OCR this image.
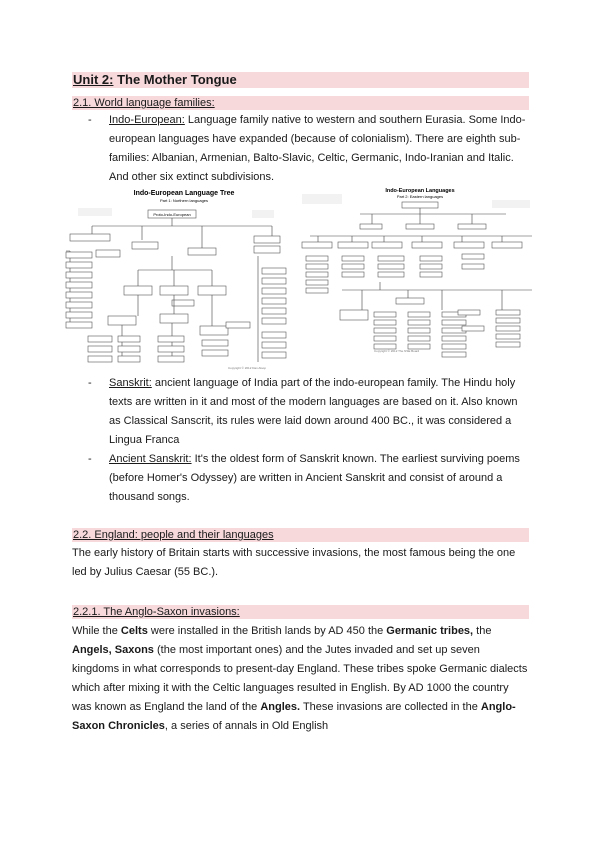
Unit 2: The Mother Tongue
2.1. World language families:
- Indo-European: Language family native to western and southern Eurasia. Some Indo-european languages have expanded (because of colonialism). There are eighth sub-families: Albanian, Armenian, Balto-Slavic, Celtic, Germanic, Indo-Iranian and Italic. And other six extinct subdivisions.

Indo-European Language Tree
Part 1: Northern languages
Proto-Indo-European
Copyright © 2012 Dan Alsop
Indo-European Languages
Part 2: Eastern languages
Copyright © 2012 The NSE Board
- Sanskrit: ancient language of India part of the indo-european family. The Hindu holy texts are written in it and most of the modern languages are based on it. Also known as Classical Sanscrit, its rules were laid down around 400 BC., it was considered a Lingua Franca

- Ancient Sanskrit: It's the oldest form of Sanskrit known. The earliest surviving poems (before Homer's Odyssey) are written in Ancient Sanskrit and consist of around a thousand songs.

2.2. England: people and their languages

The early history of Britain starts with successive invasions, the most famous being the one led by Julius Caesar (55 BC.).

2.2.1. The Anglo-Saxon invasions:

While the Celts were installed in the British lands by AD 450 the Germanic tribes, the Angels, Saxons (the most important ones) and the Jutes invaded and set up seven kingdoms in what corresponds to present-day England. These tribes spoke Germanic dialects which after mixing it with the Celtic languages resulted in English. By AD 1000 the country was known as England the land of the Angles. These invasions are collected in the Anglo-Saxon Chronicles, a series of annals in Old English
